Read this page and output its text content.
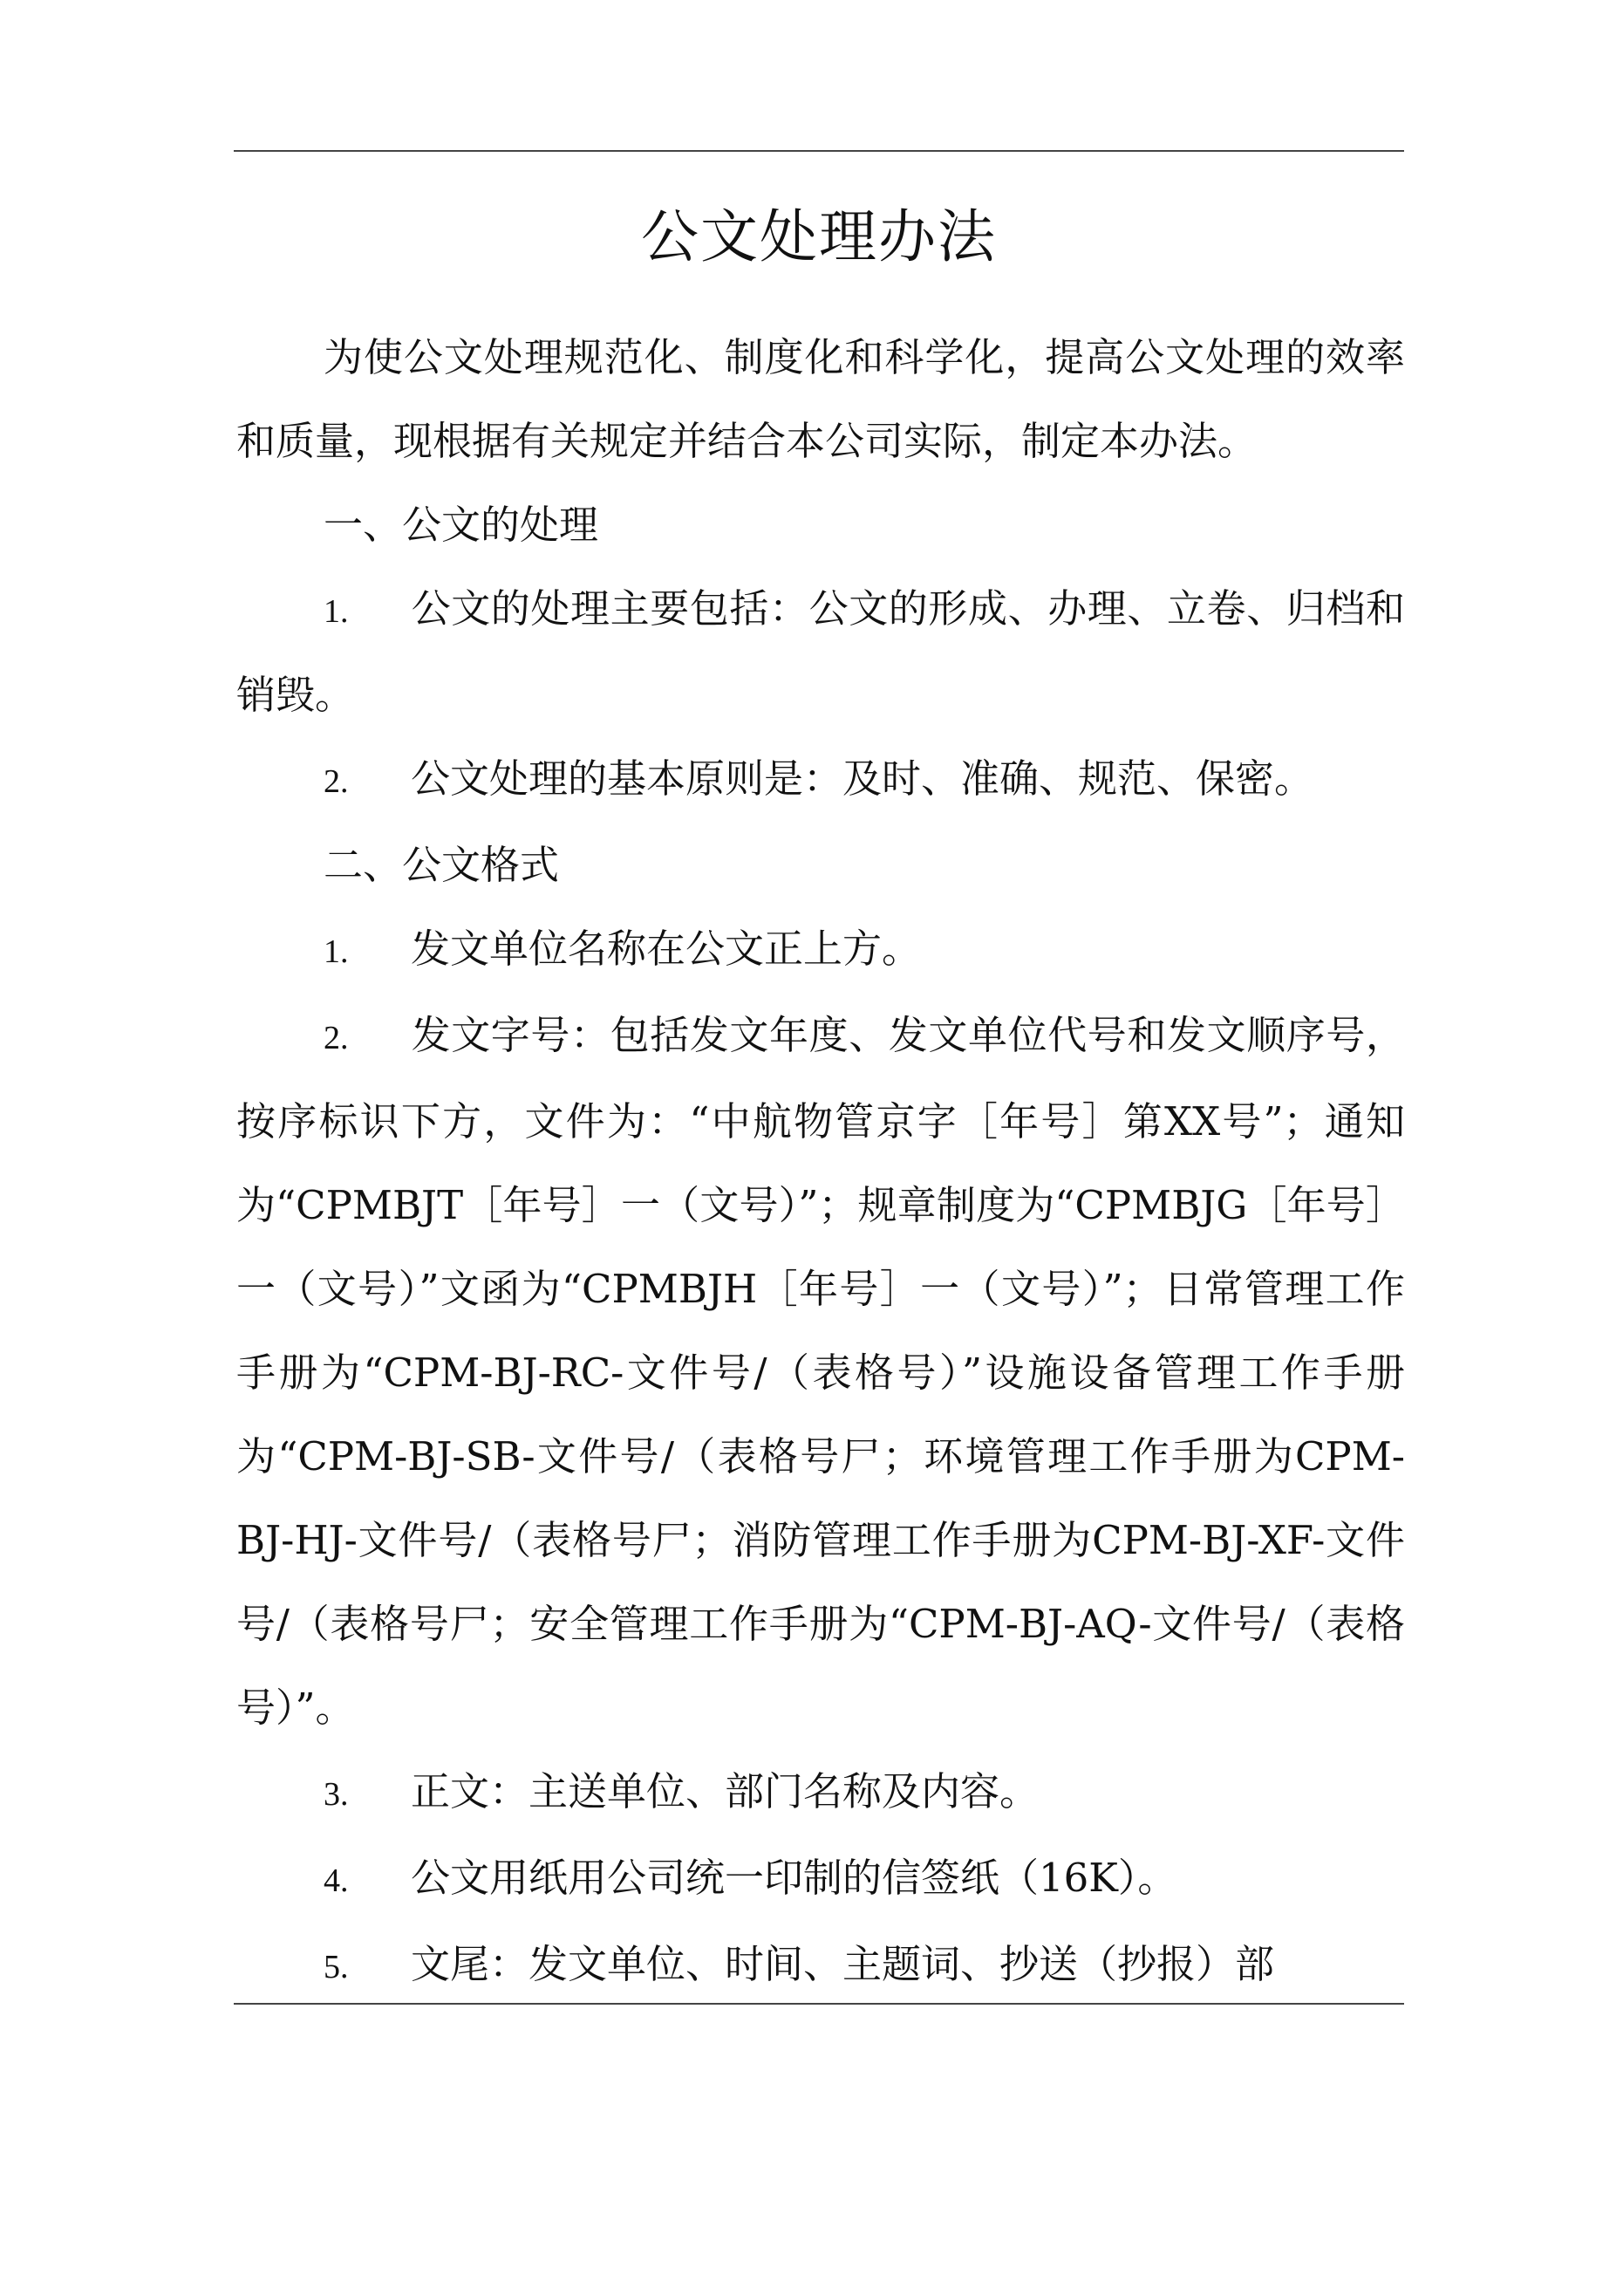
公文处理办法

为使公文处理规范化、制度化和科学化，提高公文处理的效率和质量，现根据有关规定并结合本公司实际，制定本办法。

一、公文的处理

1. 公文的处理主要包括：公文的形成、办理、立卷、归档和销毁。

2. 公文处理的基本原则是：及时、准确、规范、保密。

二、公文格式

1. 发文单位名称在公文正上方。

2. 发文字号：包括发文年度、发文单位代号和发文顺序号，按序标识下方，文件为：“中航物管京字［年号］第XX号”；通知为“CPMBJT［年号］一（文号）”；规章制度为“CPMBJG［年号］一（文号）”文函为“CPMBJH［年号］一（文号）”；日常管理工作手册为“CPM-BJ-RC-文件号/（表格号）”设施设备管理工作手册为“CPM-BJ-SB-文件号/（表格号尸；环境管理工作手册为CPM-BJ-HJ-文件号/（表格号尸；消防管理工作手册为CPM-BJ-XF-文件号/（表格号尸；安全管理工作手册为“CPM-BJ-AQ-文件号/（表格号）”。

3. 正文：主送单位、部门名称及内容。

4. 公文用纸用公司统一印制的信签纸（16K）。

5. 文尾：发文单位、时间、主题词、抄送（抄报）部
